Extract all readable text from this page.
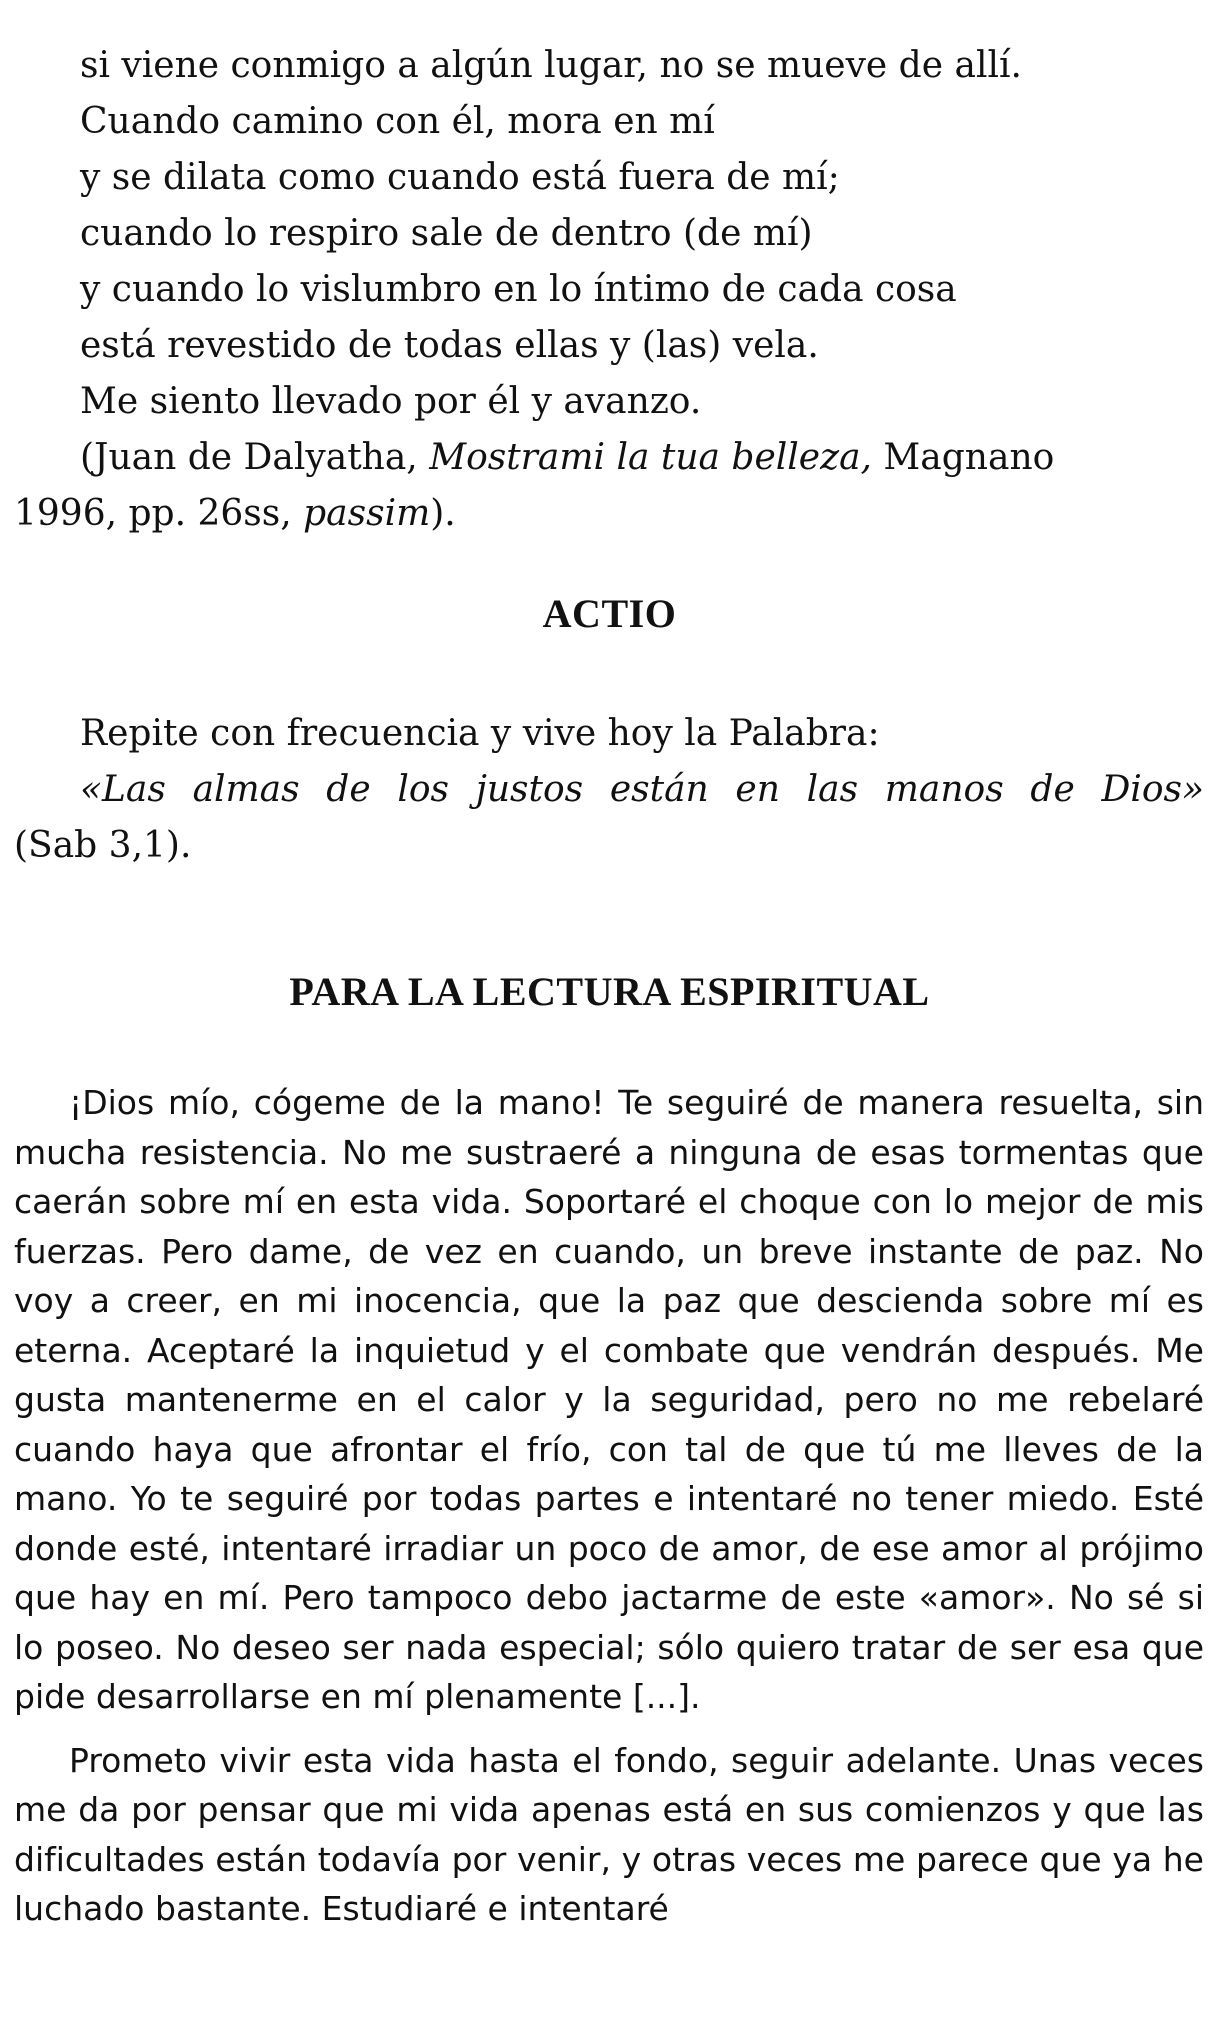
si viene conmigo a algún lugar, no se mueve de allí.
Cuando camino con él, mora en mí
y se dilata como cuando está fuera de mí;
cuando lo respiro sale de dentro (de mí)
y cuando lo vislumbro en lo íntimo de cada cosa
está revestido de todas ellas y (las) vela.
Me siento llevado por él y avanzo.
(Juan de Dalyatha, Mostrami la tua belleza, Magnano
1996, pp. 26ss, passim).
ACTIO
Repite con frecuencia y vive hoy la Palabra:
«Las almas de los justos están en las manos de Dios»
(Sab 3,1).
PARA LA LECTURA ESPIRITUAL

¡Dios mío, cógeme de la mano! Te seguiré de manera resuelta, sin mucha resistencia. No me sustraeré a ninguna de esas tormentas que caerán sobre mí en esta vida. Soportaré el choque con lo mejor de mis fuerzas. Pero dame, de vez en cuando, un breve instante de paz. No voy a creer, en mi inocencia, que la paz que descienda sobre mí es eterna. Aceptaré la inquietud y el combate que vendrán después. Me gusta mantenerme en el calor y la seguridad, pero no me rebelaré cuando haya que afrontar el frío, con tal de que tú me lleves de la mano. Yo te seguiré por todas partes e intentaré no tener miedo. Esté donde esté, intentaré irradiar un poco de amor, de ese amor al prójimo que hay en mí. Pero tampoco debo jactarme de este «amor». No sé si lo poseo. No deseo ser nada especial; sólo quiero tratar de ser esa que pide desarrollarse en mí plenamente [...].

Prometo vivir esta vida hasta el fondo, seguir adelante. Unas veces me da por pensar que mi vida apenas está en sus comienzos y que las dificultades están todavía por venir, y otras veces me parece que ya he luchado bastante. Estudiaré e intentaré
